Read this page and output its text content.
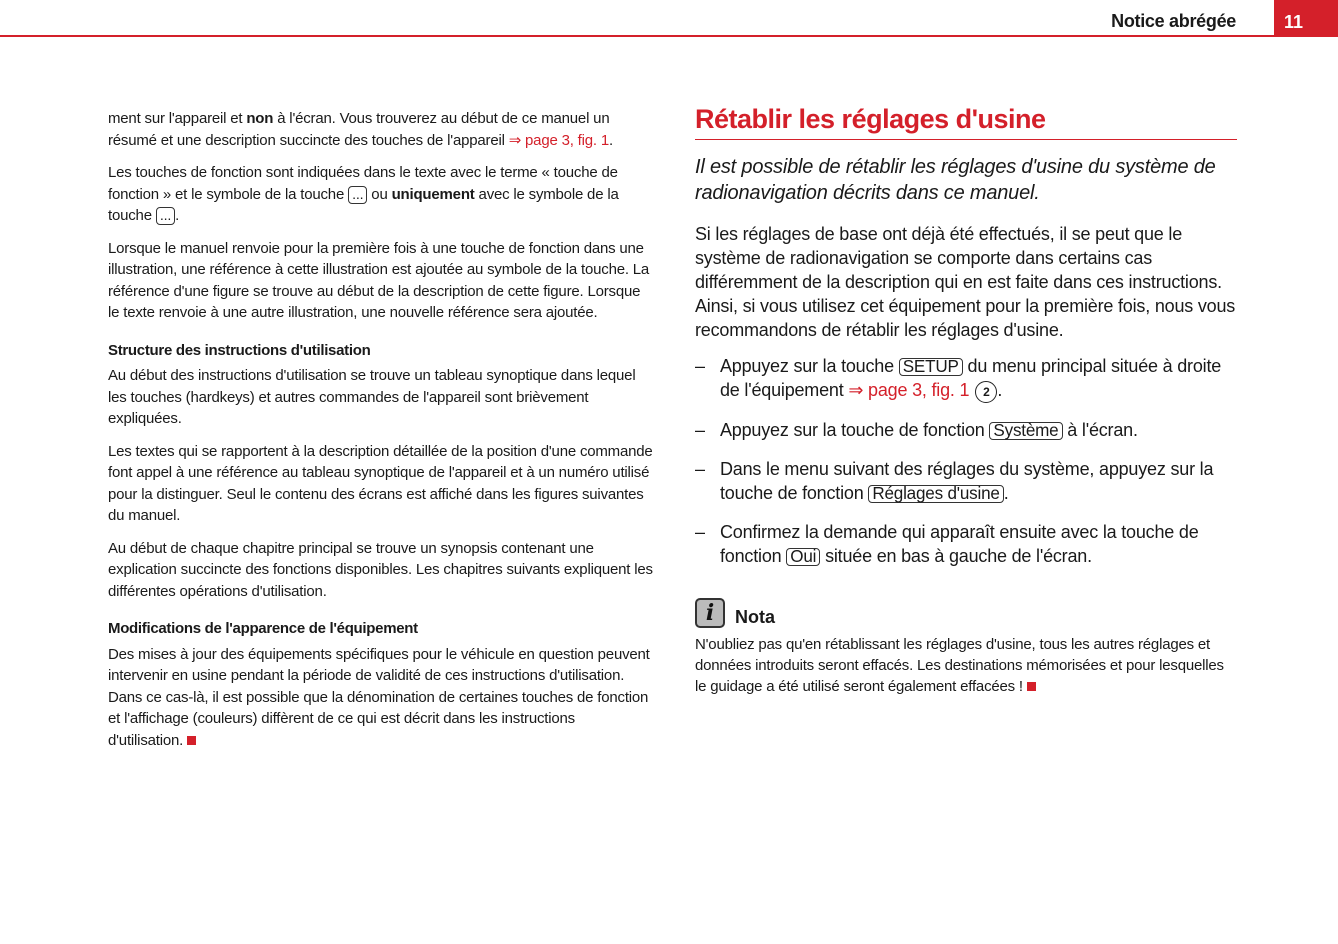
Notice abrégée	11

ment sur l'appareil et non à l'écran. Vous trouverez au début de ce manuel un résumé et une description succincte des touches de l'appareil ⇒ page 3, fig. 1.

Les touches de fonction sont indiquées dans le texte avec le terme « touche de fonction » et le symbole de la touche ... ou uniquement avec le symbole de la touche ... .

Lorsque le manuel renvoie pour la première fois à une touche de fonction dans une illustration, une référence à cette illustration est ajoutée au symbole de la touche. La référence d'une figure se trouve au début de la description de cette figure. Lorsque le texte renvoie à une autre illustration, une nouvelle référence sera ajoutée.

Structure des instructions d'utilisation

Au début des instructions d'utilisation se trouve un tableau synoptique dans lequel les touches (hardkeys) et autres commandes de l'appareil sont brièvement expliquées.

Les textes qui se rapportent à la description détaillée de la position d'une commande font appel à une référence au tableau synoptique de l'appareil et à un numéro utilisé pour la distinguer. Seul le contenu des écrans est affiché dans les figures suivantes du manuel.

Au début de chaque chapitre principal se trouve un synopsis contenant une explication succincte des fonctions disponibles. Les chapitres suivants expliquent les différentes opérations d'utilisation.

Modifications de l'apparence de l'équipement

Des mises à jour des équipements spécifiques pour le véhicule en question peuvent intervenir en usine pendant la période de validité de ces instructions d'utilisation. Dans ce cas-là, il est possible que la dénomination de certaines touches de fonction et l'affichage (couleurs) diffèrent de ce qui est décrit dans les instructions d'utilisation.

Rétablir les réglages d'usine

Il est possible de rétablir les réglages d'usine du système de radionavigation décrits dans ce manuel.

Si les réglages de base ont déjà été effectués, il se peut que le système de radionavigation se comporte dans certains cas différemment de la description qui en est faite dans ces instructions. Ainsi, si vous utilisez cet équipement pour la première fois, nous vous recommandons de rétablir les réglages d'usine.

– Appuyez sur la touche SETUP du menu principal située à droite de l'équipement ⇒ page 3, fig. 1 2 .
– Appuyez sur la touche de fonction Système à l'écran.
– Dans le menu suivant des réglages du système, appuyez sur la touche de fonction Réglages d'usine .
– Confirmez la demande qui apparaît ensuite avec la touche de fonction Oui située en bas à gauche de l'écran.
i	Nota
N'oubliez pas qu'en rétablissant les réglages d'usine, tous les autres réglages et données introduits seront effacés. Les destinations mémorisées et pour lesquelles le guidage a été utilisé seront également effacées !
